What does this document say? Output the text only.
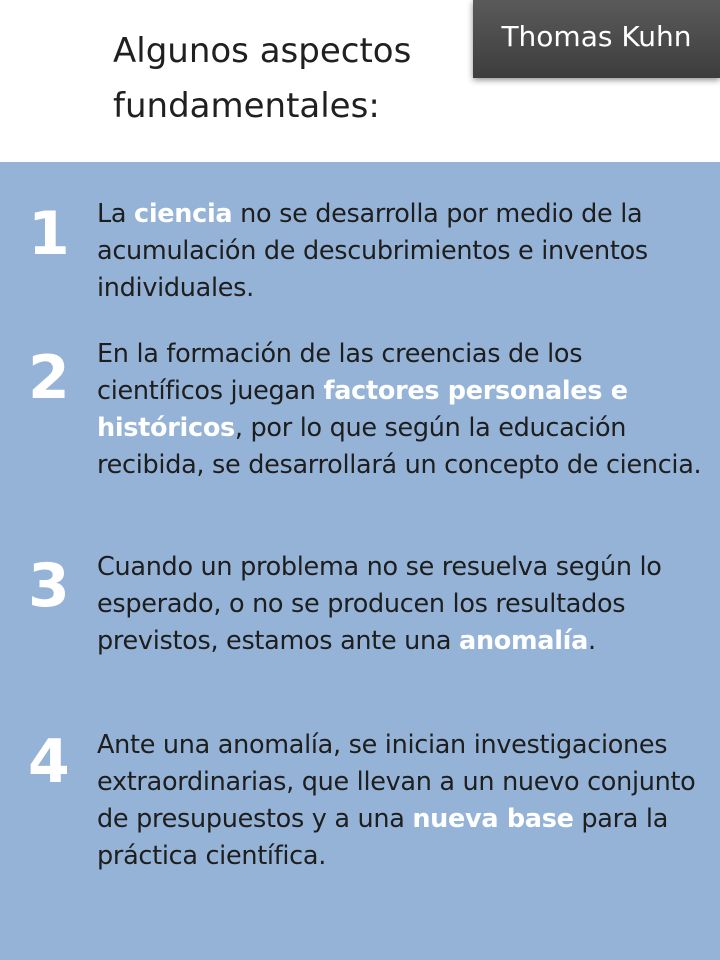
Algunos aspectos
fundamentales:
Thomas Kuhn
1	La ciencia no se desarrolla por medio de la acumulación de descubrimientos e inventos individuales.

2	En la formación de las creencias de los científicos juegan factores personales e históricos, por lo que según la educación recibida, se desarrollará un concepto de ciencia.

3	Cuando un problema no se resuelva según lo esperado, o no se producen los resultados previstos, estamos ante una anomalía.

4	Ante una anomalía, se inician investigaciones extraordinarias, que llevan a un nuevo conjunto de presupuestos y a una nueva base para la práctica científica.
